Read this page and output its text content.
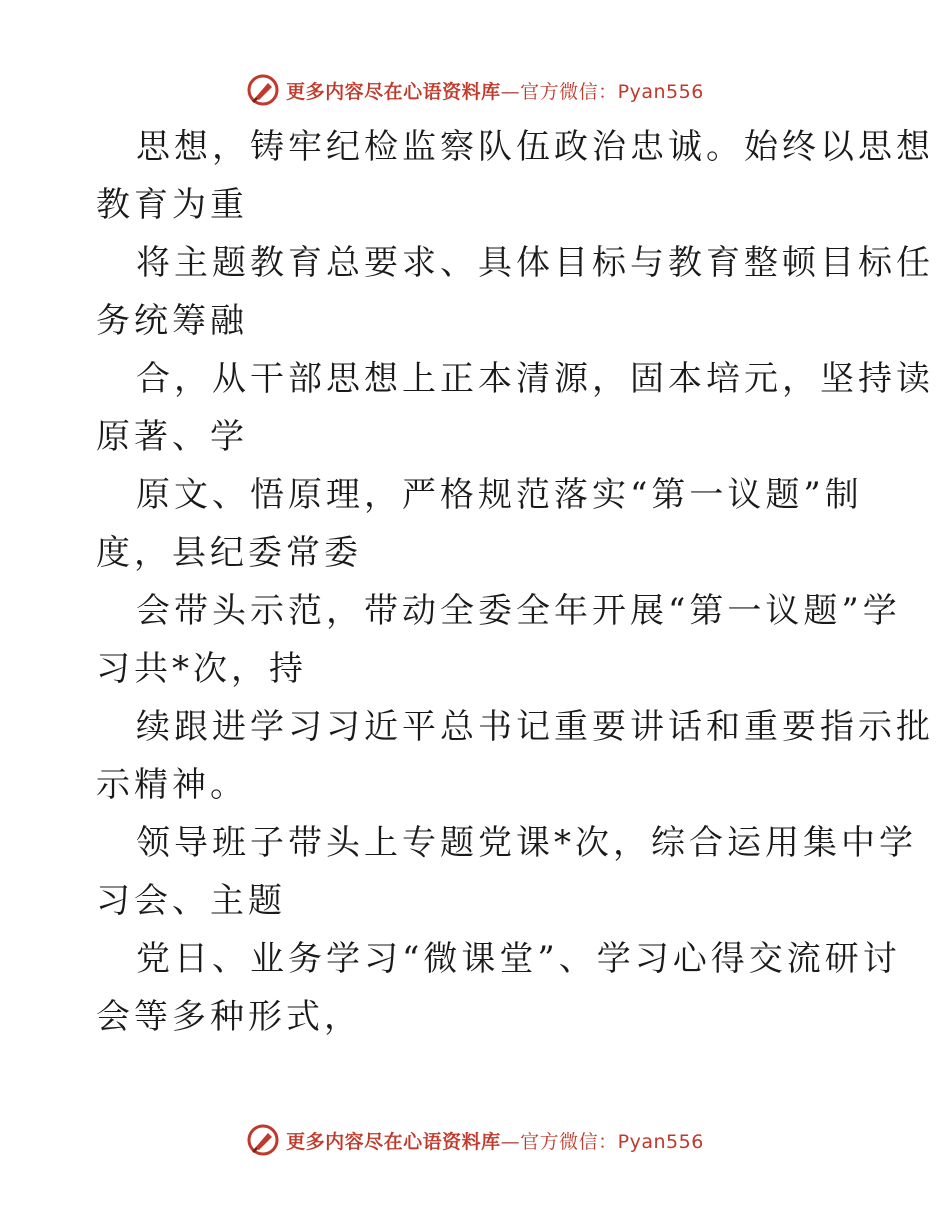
更多内容尽在心语资料库—官方微信：Pyan556
思想，铸牢纪检监察队伍政治忠诚。始终以思想
教育为重
将主题教育总要求、具体目标与教育整顿目标任
务统筹融
合，从干部思想上正本清源，固本培元，坚持读
原著、学
原文、悟原理，严格规范落实“第一议题”制
度，县纪委常委
会带头示范，带动全委全年开展“第一议题”学
习共*次，持
续跟进学习习近平总书记重要讲话和重要指示批
示精神。
领导班子带头上专题党课*次，综合运用集中学
习会、主题
党日、业务学习“微课堂”、学习心得交流研讨
会等多种形式，
更多内容尽在心语资料库—官方微信：Pyan556
